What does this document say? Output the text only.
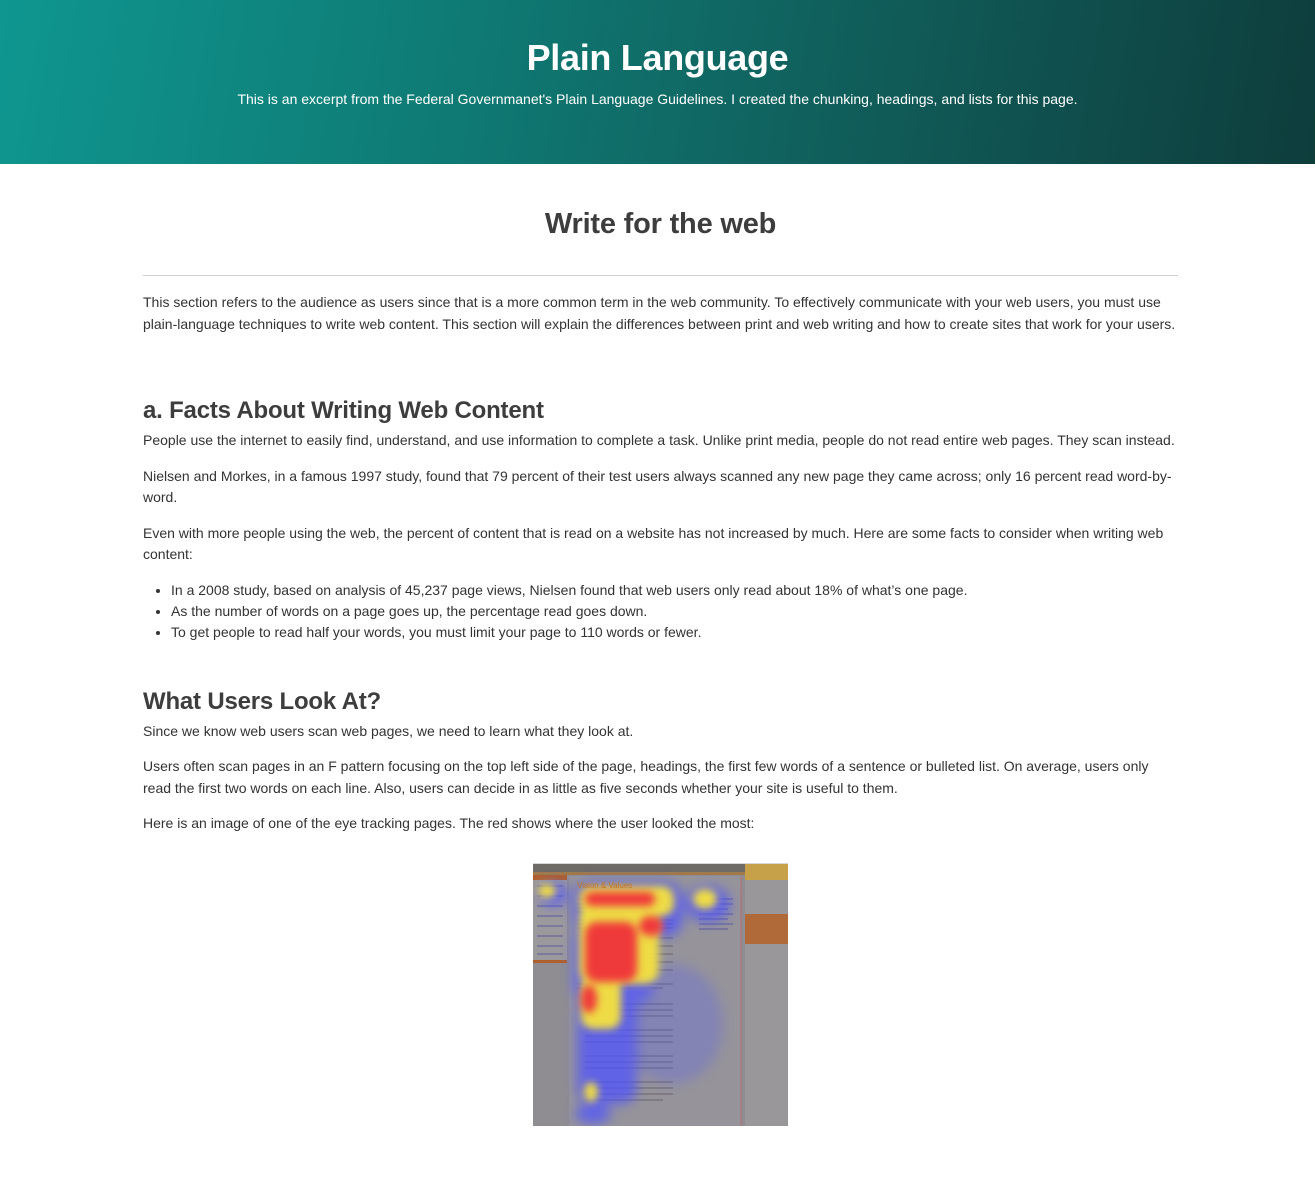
Plain Language

This is an excerpt from the Federal Governmanet's Plain Language Guidelines. I created the chunking, headings, and lists for this page.

Write for the web

This section refers to the audience as users since that is a more common term in the web community. To effectively communicate with your web users, you must use plain-language techniques to write web content. This section will explain the differences between print and web writing and how to create sites that work for your users.

a. Facts About Writing Web Content

People use the internet to easily find, understand, and use information to complete a task. Unlike print media, people do not read entire web pages. They scan instead.

Nielsen and Morkes, in a famous 1997 study, found that 79 percent of their test users always scanned any new page they came across; only 16 percent read word-by-word.

Even with more people using the web, the percent of content that is read on a website has not increased by much. Here are some facts to consider when writing web content:

• In a 2008 study, based on analysis of 45,237 page views, Nielsen found that web users only read about 18% of what’s one page.
• As the number of words on a page goes up, the percentage read goes down.
• To get people to read half your words, you must limit your page to 110 words or fewer.
What Users Look At?

Since we know web users scan web pages, we need to learn what they look at.

Users often scan pages in an F pattern focusing on the top left side of the page, headings, the first few words of a sentence or bulleted list. On average, users only read the first two words on each line. Also, users can decide in as little as five seconds whether your site is useful to them.

Here is an image of one of the eye tracking pages. The red shows where the user looked the most:

Vision & Values
